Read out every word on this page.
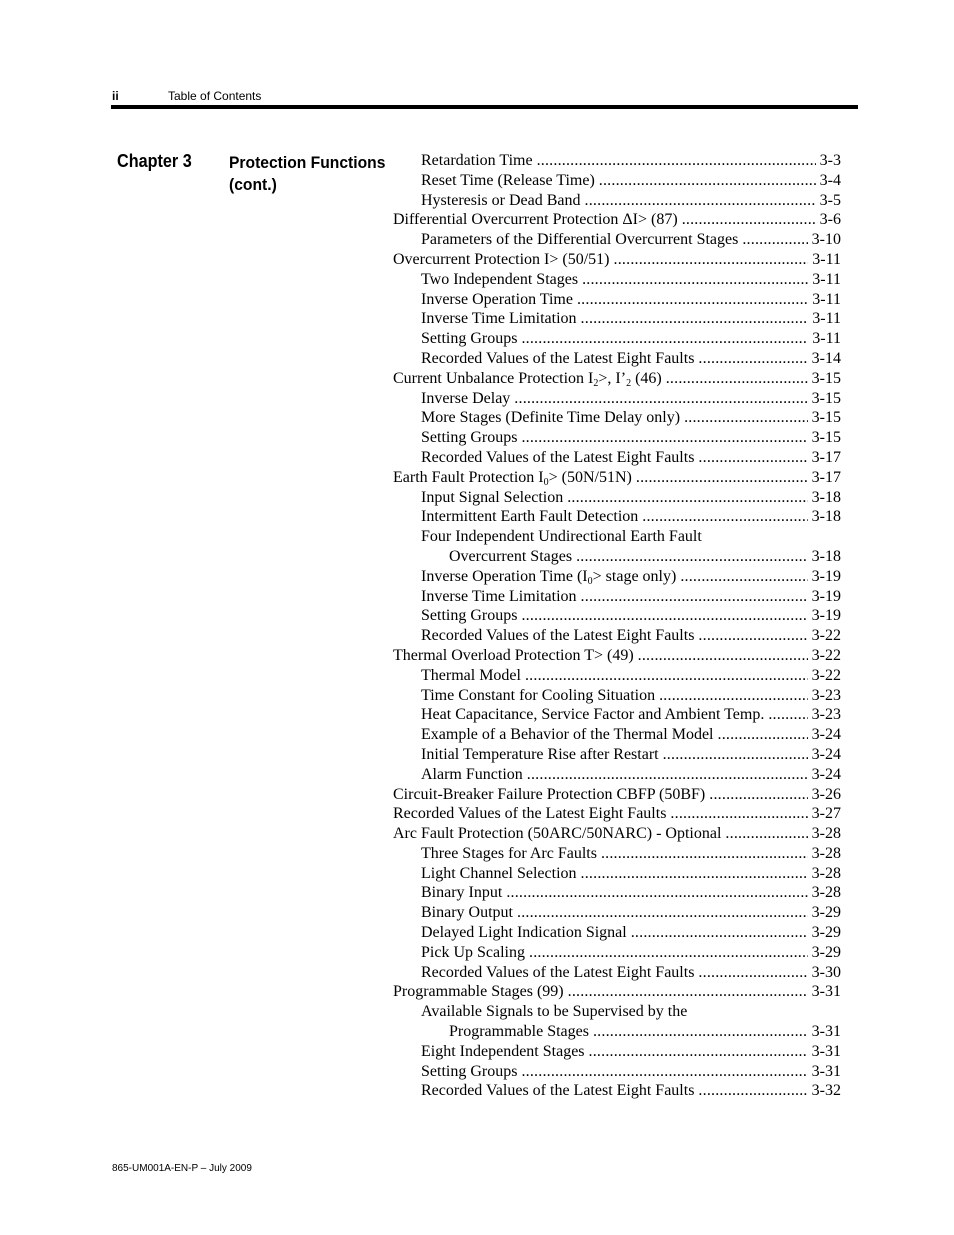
ii	Table of Contents
Chapter 3 Protection Functions (cont.)
Retardation Time . . .	3-3
Reset Time (Release Time) . . .	3-4
Hysteresis or Dead Band . . .	3-5
Differential Overcurrent Protection ΔI> (87) . . .	3-6
Parameters of the Differential Overcurrent Stages . . .	3-10
Overcurrent Protection I> (50/51) . . .	3-11
Two Independent Stages . . .	3-11
Inverse Operation Time . . .	3-11
Inverse Time Limitation . . .	3-11
Setting Groups . . .	3-11
Recorded Values of the Latest Eight Faults . . .	3-14
Current Unbalance Protection $I_2>$, $I’_2$ (46) . . .	3-15
Inverse Delay . . .	3-15
More Stages (Definite Time Delay only) . . .	3-15
Setting Groups . . .	3-15
Recorded Values of the Latest Eight Faults . . .	3-17
Earth Fault Protection $I_0> (50N/51N)$ . . .	3-17
Input Signal Selection . . .	3-18
Intermittent Earth Fault Detection . . .	3-18
Four Independent Undirectional Earth Fault
Overcurrent Stages . . .	3-18
Inverse Operation Time ($I_0>$ stage only) . . .	3-19
Inverse Time Limitation . . .	3-19
Setting Groups . . .	3-19
Recorded Values of the Latest Eight Faults . . .	3-22
Thermal Overload Protection T> (49) . . .	3-22
Thermal Model . . .	3-22
Time Constant for Cooling Situation . . .	3-23
Heat Capacitance, Service Factor and Ambient Temp. . . .	3-23
Example of a Behavior of the Thermal Model . . .	3-24
Initial Temperature Rise after Restart . . .	3-24
Alarm Function . . .	3-24
Circuit-Breaker Failure Protection CBFP (50BF) . . .	3-26
Recorded Values of the Latest Eight Faults . . .	3-27
Arc Fault Protection (50ARC/50NARC) - Optional . . .	3-28
Three Stages for Arc Faults . . .	3-28
Light Channel Selection . . .	3-28
Binary Input . . .	3-28
Binary Output . . .	3-29
Delayed Light Indication Signal . . .	3-29
Pick Up Scaling . . .	3-29
Recorded Values of the Latest Eight Faults . . .	3-30
Programmable Stages (99) . . .	3-31
Available Signals to be Supervised by the
Programmable Stages . . .	3-31
Eight Independent Stages . . .	3-31
Setting Groups . . .	3-31
Recorded Values of the Latest Eight Faults . . .	3-32
865-UM001A-EN-P – July 2009
